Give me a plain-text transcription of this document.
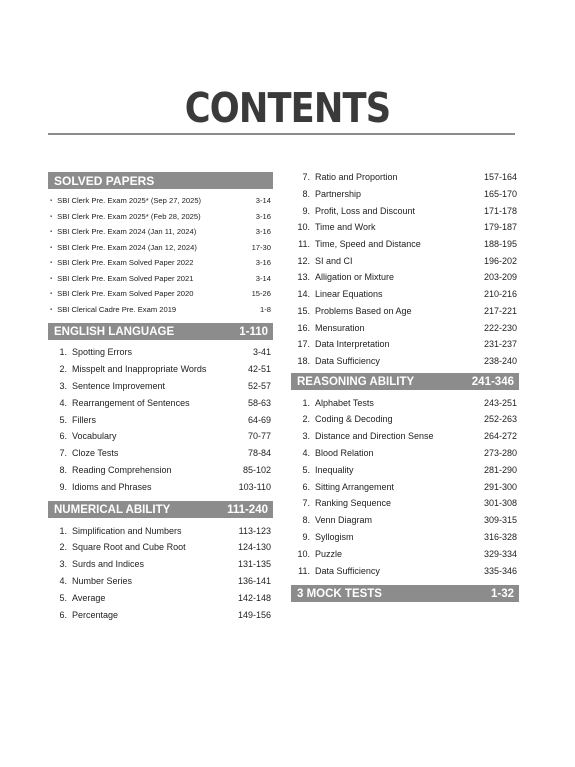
CONTENTS
SOLVED PAPERS
▪ SBI Clerk Pre. Exam 2025* (Sep 27, 2025)	3-14
▪ SBI Clerk Pre. Exam 2025* (Feb 28, 2025)	3-16
▪ SBI Clerk Pre. Exam 2024 (Jan 11, 2024)	3-16
▪ SBI Clerk Pre. Exam 2024 (Jan 12, 2024)	17-30
▪ SBI Clerk Pre. Exam Solved Paper 2022	3-16
▪ SBI Clerk Pre. Exam Solved Paper 2021	3-14
▪ SBI Clerk Pre. Exam Solved Paper 2020	15-26
▪ SBI Clerical Cadre Pre. Exam 2019	1-8
ENGLISH LANGUAGE	1-110
1. Spotting Errors	3-41
2. Misspelt and Inappropriate Words	42-51
3. Sentence Improvement	52-57
4. Rearrangement of Sentences	58-63
5. Fillers	64-69
6. Vocabulary	70-77
7. Cloze Tests	78-84
8. Reading Comprehension	85-102
9. Idioms and Phrases	103-110
NUMERICAL ABILITY	111-240
1. Simplification and Numbers	113-123
2. Square Root and Cube Root	124-130
3. Surds and Indices	131-135
4. Number Series	136-141
5. Average	142-148
6. Percentage	149-156
7. Ratio and Proportion	157-164
8. Partnership	165-170
9. Profit, Loss and Discount	171-178
10. Time and Work	179-187
11. Time, Speed and Distance	188-195
12. SI and CI	196-202
13. Alligation or Mixture	203-209
14. Linear Equations	210-216
15. Problems Based on Age	217-221
16. Mensuration	222-230
17. Data Interpretation	231-237
18. Data Sufficiency	238-240
REASONING ABILITY	241-346
1. Alphabet Tests	243-251
2. Coding & Decoding	252-263
3. Distance and Direction Sense	264-272
4. Blood Relation	273-280
5. Inequality	281-290
6. Sitting Arrangement	291-300
7. Ranking Sequence	301-308
8. Venn Diagram	309-315
9. Syllogism	316-328
10. Puzzle	329-334
11. Data Sufficiency	335-346
3 MOCK TESTS	1-32
